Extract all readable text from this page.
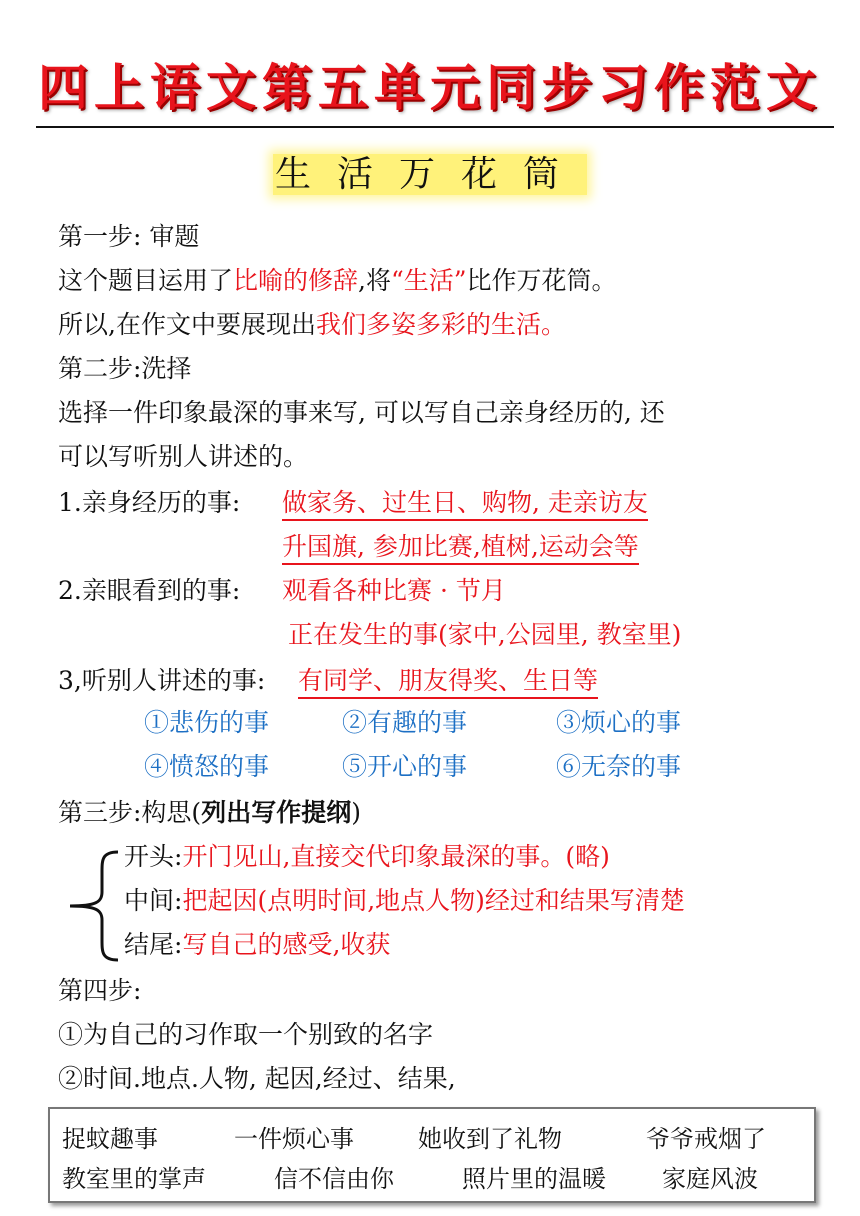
四上语文第五单元同步习作范文
生活万花筒
第一步: 审题
这个题目运用了比喻的修辞,将“生活”比作万花筒。
所以,在作文中要展现出我们多姿多彩的生活。
第二步:洗择
选择一件印象最深的事来写, 可以写自己亲身经历的, 还
可以写听别人讲述的。
1.亲身经历的事: 做家务、过生日、购物, 走亲访友
升国旗, 参加比赛,植树,运动会等
2.亲眼看到的事: 观看各种比赛 · 节月
正在发生的事(家中,公园里, 教室里)
3,听别人讲述的事: 有同学、朋友得奖、生日等
①悲伤的事	②有趣的事	③烦心的事
④愤怒的事	⑤开心的事	⑥无奈的事
第三步:构思(列出写作提纲)
开头:开门见山,直接交代印象最深的事。(略)
中间:把起因(点明时间,地点人物)经过和结果写清楚
结尾:写自己的感受,收获
第四步:
①为自己的习作取一个别致的名字
②时间.地点.人物, 起因,经过、结果,
捉蚊趣事	一件烦心事	她收到了礼物	爷爷戒烟了
教室里的掌声	信不信由你	照片里的温暖 家庭风波
